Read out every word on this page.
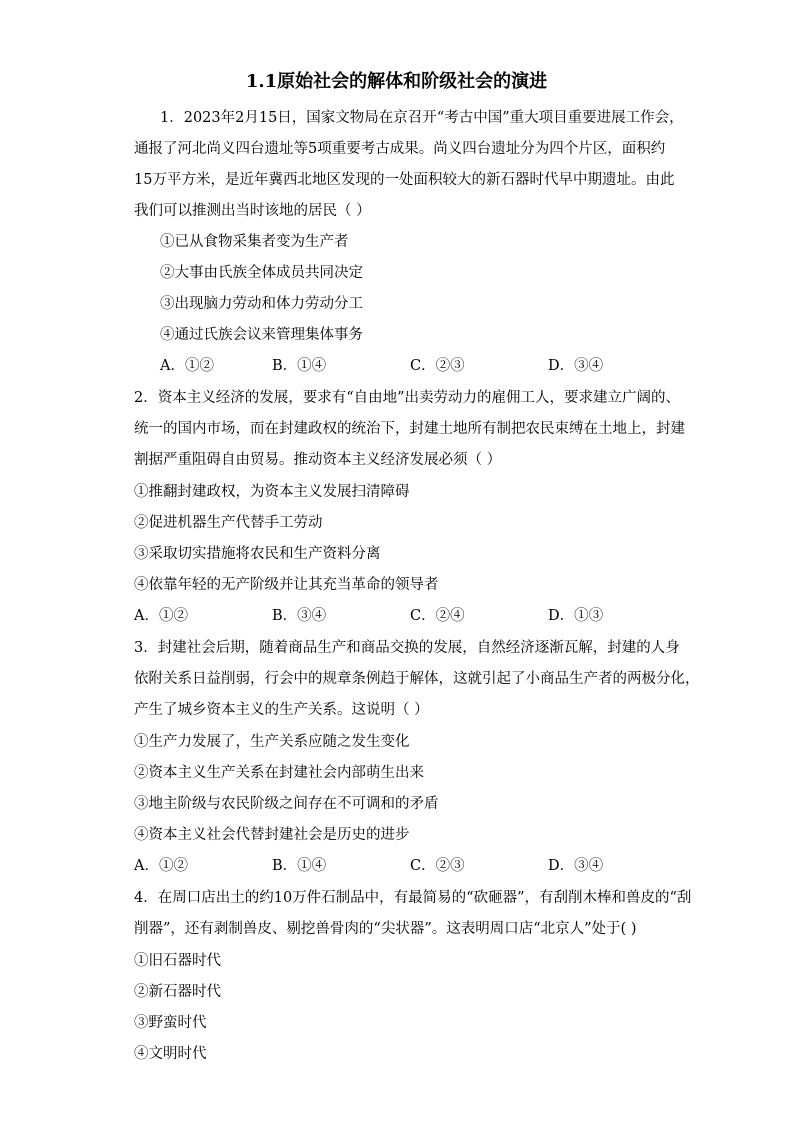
1.1原始社会的解体和阶级社会的演进
1．2023年2月15日，国家文物局在京召开“考古中国”重大项目重要进展工作会，
通报了河北尚义四台遗址等5项重要考古成果。尚义四台遗址分为四个片区，面积约
15万平方米，是近年冀西北地区发现的一处面积较大的新石器时代早中期遗址。由此
我们可以推测出当时该地的居民（ ）
①已从食物采集者变为生产者
②大事由氏族全体成员共同决定
③出现脑力劳动和体力劳动分工
④通过氏族会议来管理集体事务
A．①②	B．①④	C．②③	D．③④
2．资本主义经济的发展，要求有“自由地”出卖劳动力的雇佣工人，要求建立广阔的、
统一的国内市场，而在封建政权的统治下，封建土地所有制把农民束缚在土地上，封建
割据严重阻碍自由贸易。推动资本主义经济发展必须（ ）
①推翻封建政权，为资本主义发展扫清障碍
②促进机器生产代替手工劳动
③采取切实措施将农民和生产资料分离
④依靠年轻的无产阶级并让其充当革命的领导者
A．①②	B．③④	C．②④	D．①③
3．封建社会后期，随着商品生产和商品交换的发展，自然经济逐渐瓦解，封建的人身
依附关系日益削弱，行会中的规章条例趋于解体，这就引起了小商品生产者的两极分化，
产生了城乡资本主义的生产关系。这说明（ ）
①生产力发展了，生产关系应随之发生变化
②资本主义生产关系在封建社会内部萌生出来
③地主阶级与农民阶级之间存在不可调和的矛盾
④资本主义社会代替封建社会是历史的进步
A．①②	B．①④	C．②③	D．③④
4．在周口店出土的约10万件石制品中，有最简易的“砍砸器”，有刮削木棒和兽皮的“刮
削器”，还有剥制兽皮、剔挖兽骨肉的“尖状器”。这表明周口店“北京人”处于( )
①旧石器时代
②新石器时代
③野蛮时代
④文明时代
